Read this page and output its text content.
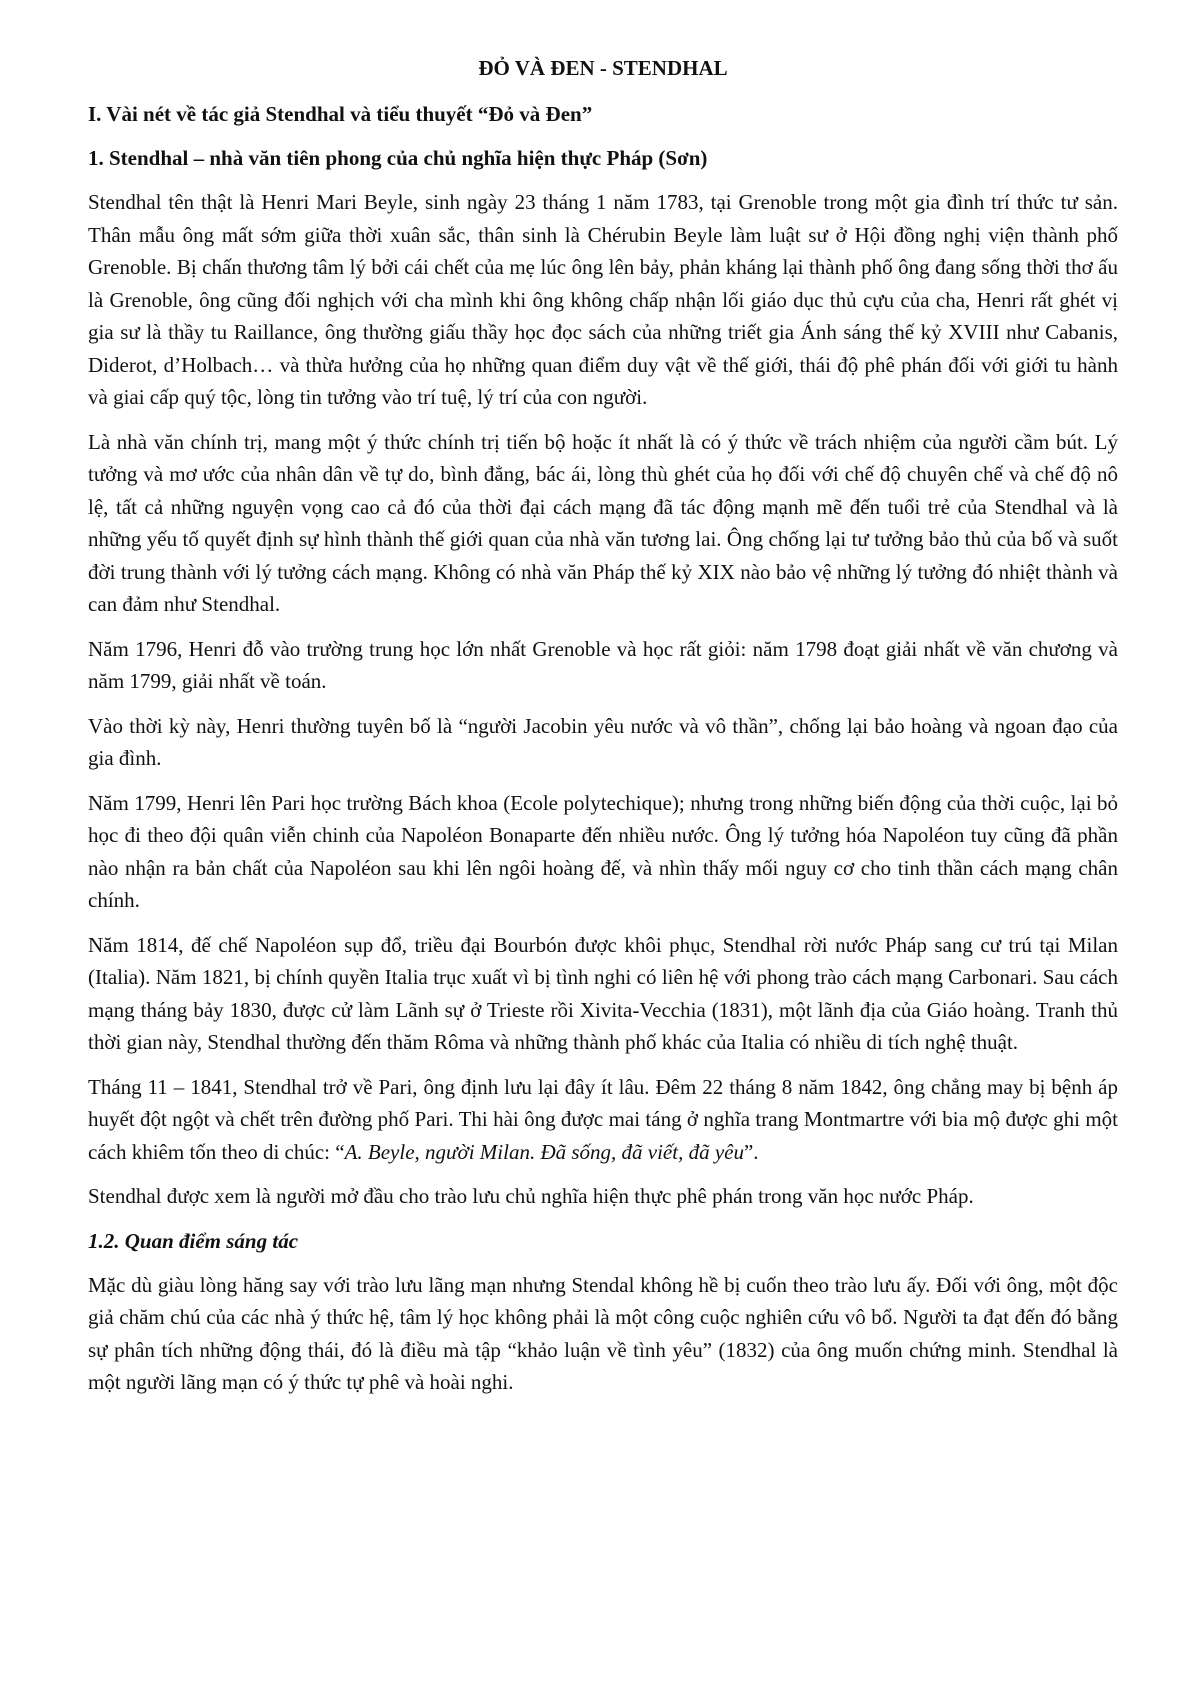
ĐỎ VÀ ĐEN - STENDHAL
I. Vài nét về tác giả Stendhal và tiểu thuyết “Đỏ và Đen”
1. Stendhal – nhà văn tiên phong của chủ nghĩa hiện thực Pháp (Sơn)

Stendhal tên thật là Henri Mari Beyle, sinh ngày 23 tháng 1 năm 1783, tại Grenoble trong một gia đình trí thức tư sản. Thân mẫu ông mất sớm giữa thời xuân sắc, thân sinh là Chérubin Beyle làm luật sư ở Hội đồng nghị viện thành phố Grenoble. Bị chấn thương tâm lý bởi cái chết của mẹ lúc ông lên bảy, phản kháng lại thành phố ông đang sống thời thơ ấu là Grenoble, ông cũng đối nghịch với cha mình khi ông không chấp nhận lối giáo dục thủ cựu của cha, Henri rất ghét vị gia sư là thầy tu Raillance, ông thường giấu thầy học đọc sách của những triết gia Ánh sáng thế kỷ XVIII như Cabanis, Diderot, d’Holbach… và thừa hưởng của họ những quan điểm duy vật về thế giới, thái độ phê phán đối với giới tu hành và giai cấp quý tộc, lòng tin tưởng vào trí tuệ, lý trí của con người.

Là nhà văn chính trị, mang một ý thức chính trị tiến bộ hoặc ít nhất là có ý thức về trách nhiệm của người cầm bút. Lý tưởng và mơ ước của nhân dân về tự do, bình đẳng, bác ái, lòng thù ghét của họ đối với chế độ chuyên chế và chế độ nô lệ, tất cả những nguyện vọng cao cả đó của thời đại cách mạng đã tác động mạnh mẽ đến tuổi trẻ của Stendhal và là những yếu tố quyết định sự hình thành thế giới quan của nhà văn tương lai. Ông chống lại tư tưởng bảo thủ của bố và suốt đời trung thành với lý tưởng cách mạng. Không có nhà văn Pháp thế kỷ XIX nào bảo vệ những lý tưởng đó nhiệt thành và can đảm như Stendhal.

Năm 1796, Henri đỗ vào trường trung học lớn nhất Grenoble và học rất giỏi: năm 1798 đoạt giải nhất về văn chương và năm 1799, giải nhất về toán.

Vào thời kỳ này, Henri thường tuyên bố là “người Jacobin yêu nước và vô thần”, chống lại bảo hoàng và ngoan đạo của gia đình.

Năm 1799, Henri lên Pari học trường Bách khoa (Ecole polytechique); nhưng trong những biến động của thời cuộc, lại bỏ học đi theo đội quân viễn chinh của Napoléon Bonaparte đến nhiều nước. Ông lý tưởng hóa Napoléon tuy cũng đã phần nào nhận ra bản chất của Napoléon sau khi lên ngôi hoàng đế, và nhìn thấy mối nguy cơ cho tinh thần cách mạng chân chính.

Năm 1814, đế chế Napoléon sụp đổ, triều đại Bourbón được khôi phục, Stendhal rời nước Pháp sang cư trú tại Milan (Italia). Năm 1821, bị chính quyền Italia trục xuất vì bị tình nghi có liên hệ với phong trào cách mạng Carbonari. Sau cách mạng tháng bảy 1830, được cử làm Lãnh sự ở Trieste rồi Xivita-Vecchia (1831), một lãnh địa của Giáo hoàng. Tranh thủ thời gian này, Stendhal thường đến thăm Rôma và những thành phố khác của Italia có nhiều di tích nghệ thuật.

Tháng 11 – 1841, Stendhal trở về Pari, ông định lưu lại đây ít lâu. Đêm 22 tháng 8 năm 1842, ông chẳng may bị bệnh áp huyết đột ngột và chết trên đường phố Pari. Thi hài ông được mai táng ở nghĩa trang Montmartre với bia mộ được ghi một cách khiêm tốn theo di chúc: “A. Beyle, người Milan. Đã sống, đã viết, đã yêu”.

Stendhal được xem là người mở đầu cho trào lưu chủ nghĩa hiện thực phê phán trong văn học nước Pháp.

1.2. Quan điểm sáng tác

Mặc dù giàu lòng hăng say với trào lưu lãng mạn nhưng Stendal không hề bị cuốn theo trào lưu ấy. Đối với ông, một độc giả chăm chú của các nhà ý thức hệ, tâm lý học không phải là một công cuộc nghiên cứu vô bổ. Người ta đạt đến đó bằng sự phân tích những động thái, đó là điều mà tập “khảo luận về tình yêu” (1832) của ông muốn chứng minh. Stendhal là một người lãng mạn có ý thức tự phê và hoài nghi.
